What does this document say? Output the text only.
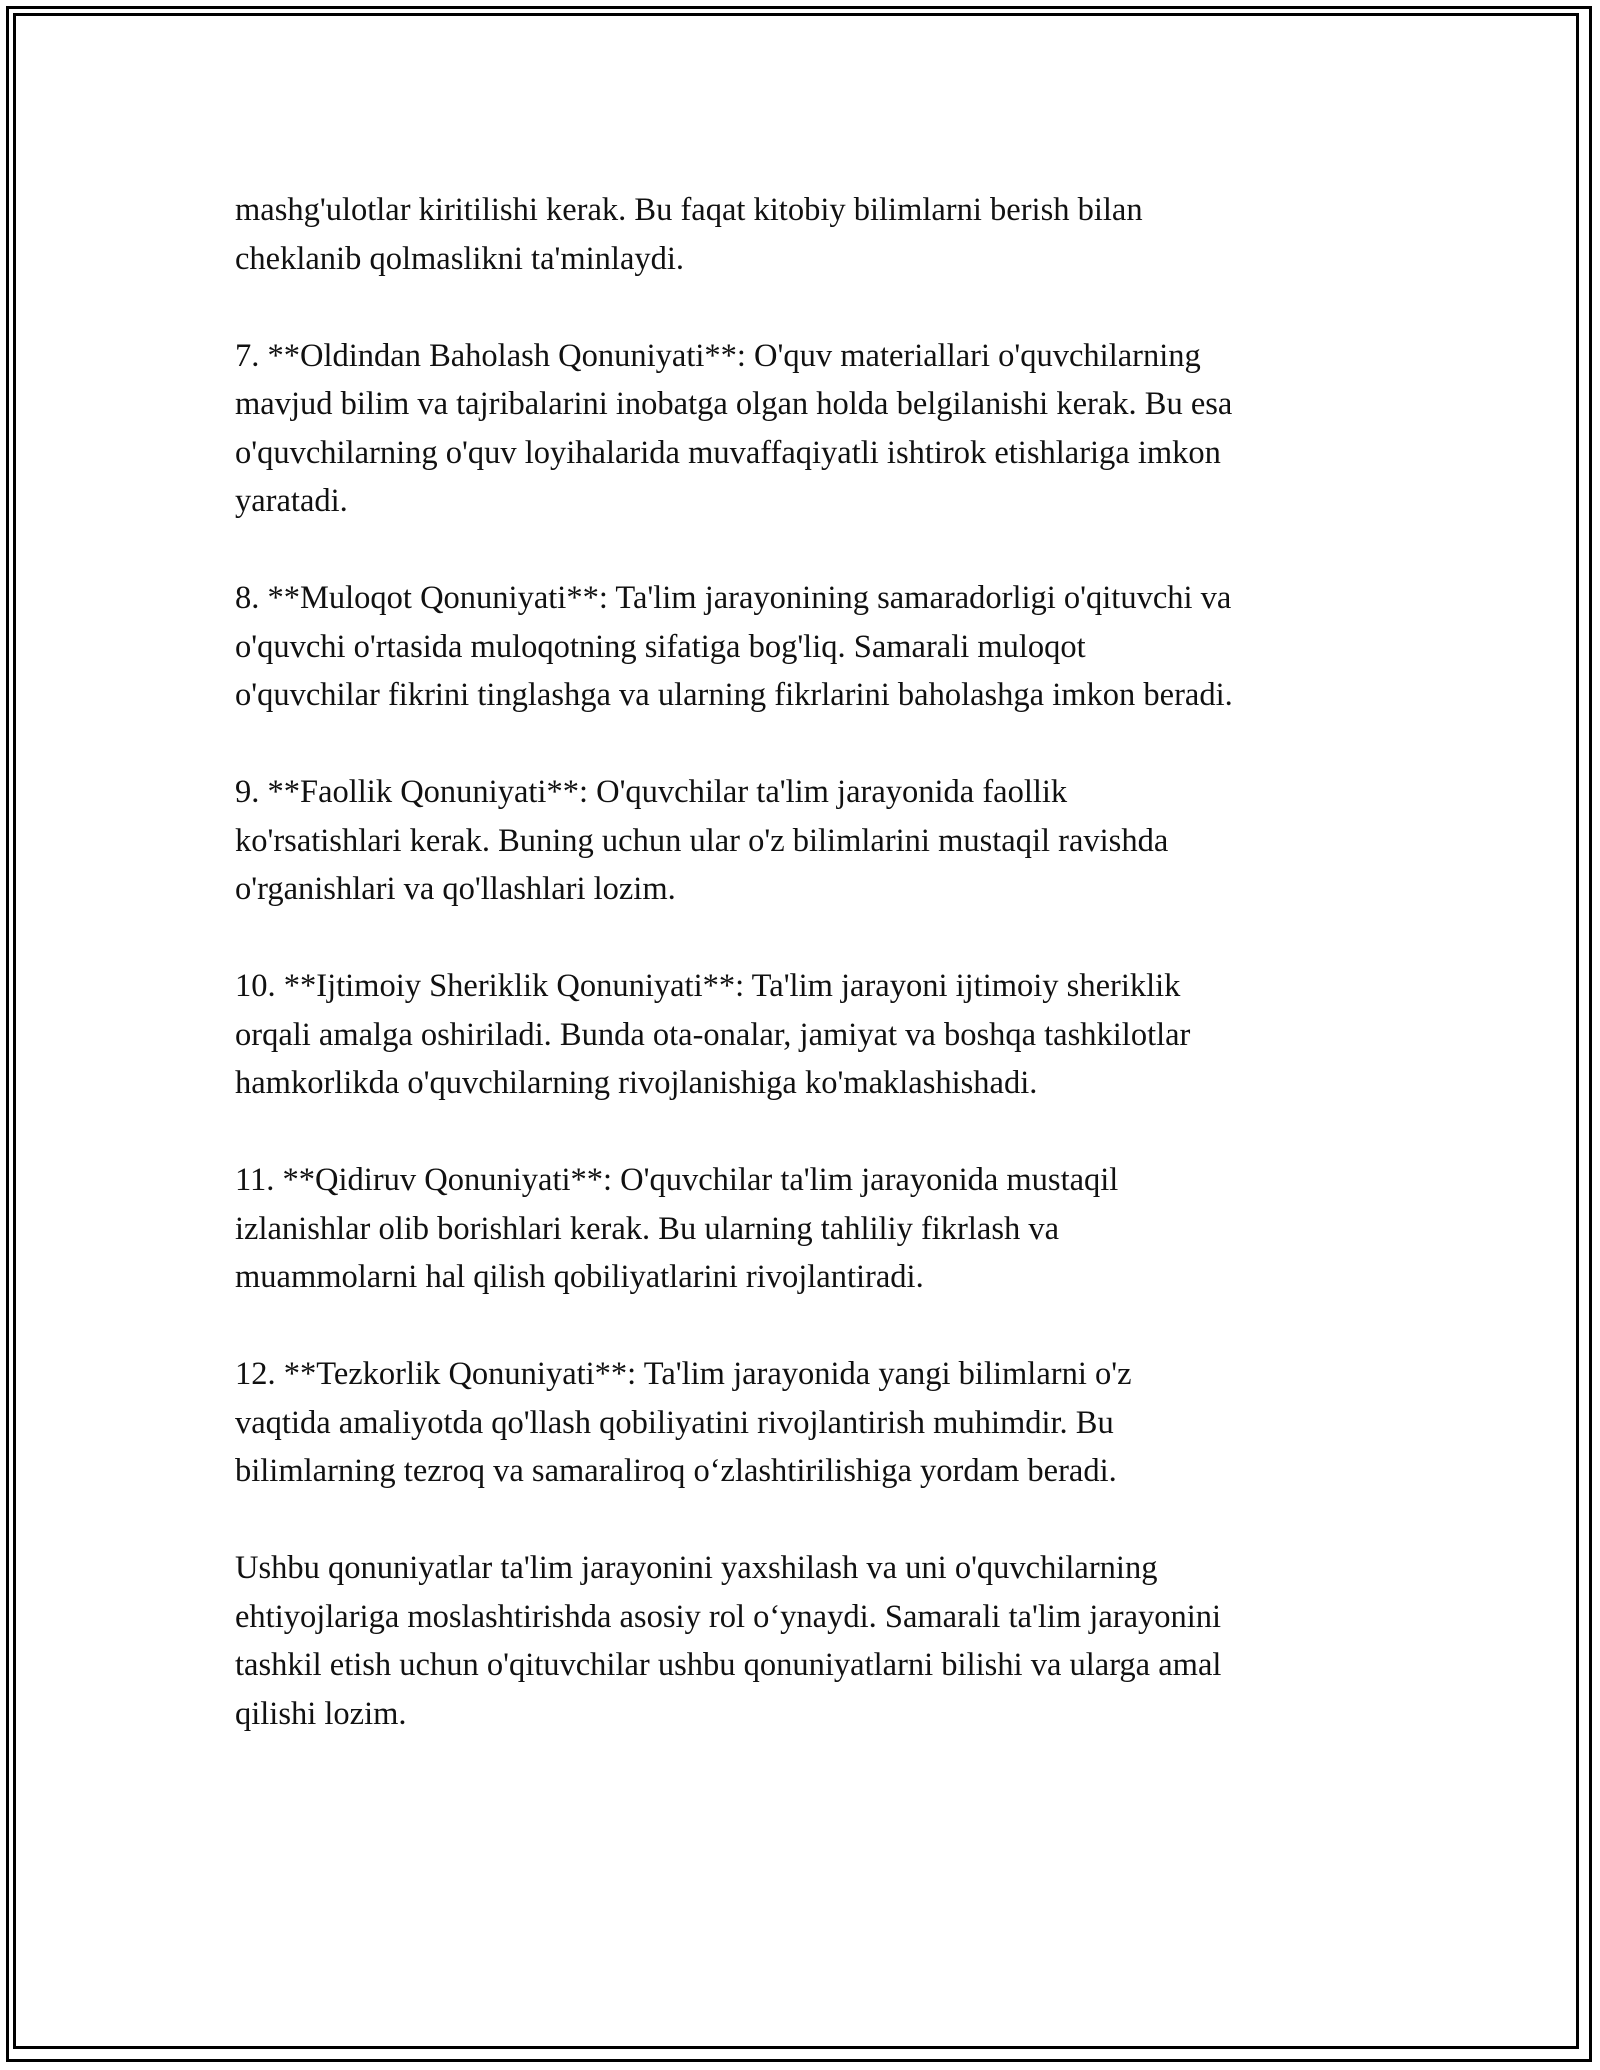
mashg'ulotlar kiritilishi kerak. Bu faqat kitobiy bilimlarni berish bilan
cheklanib qolmaslikni ta'minlaydi.

7. **Oldindan Baholash Qonuniyati**: O'quv materiallari o'quvchilarning
mavjud bilim va tajribalarini inobatga olgan holda belgilanishi kerak. Bu esa
o'quvchilarning o'quv loyihalarida muvaffaqiyatli ishtirok etishlariga imkon
yaratadi.

8. **Muloqot Qonuniyati**: Ta'lim jarayonining samaradorligi o'qituvchi va
o'quvchi o'rtasida muloqotning sifatiga bog'liq. Samarali muloqot
o'quvchilar fikrini tinglashga va ularning fikrlarini baholashga imkon beradi.

9. **Faollik Qonuniyati**: O'quvchilar ta'lim jarayonida faollik
ko'rsatishlari kerak. Buning uchun ular o'z bilimlarini mustaqil ravishda
o'rganishlari va qo'llashlari lozim.

10. **Ijtimoiy Sheriklik Qonuniyati**: Ta'lim jarayoni ijtimoiy sheriklik
orqali amalga oshiriladi. Bunda ota-onalar, jamiyat va boshqa tashkilotlar
hamkorlikda o'quvchilarning rivojlanishiga ko'maklashishadi.

11. **Qidiruv Qonuniyati**: O'quvchilar ta'lim jarayonida mustaqil
izlanishlar olib borishlari kerak. Bu ularning tahliliy fikrlash va
muammolarni hal qilish qobiliyatlarini rivojlantiradi.

12. **Tezkorlik Qonuniyati**: Ta'lim jarayonida yangi bilimlarni o'z
vaqtida amaliyotda qo'llash qobiliyatini rivojlantirish muhimdir. Bu
bilimlarning tezroq va samaraliroq o‘zlashtirilishiga yordam beradi.

Ushbu qonuniyatlar ta'lim jarayonini yaxshilash va uni o'quvchilarning
ehtiyojlariga moslashtirishda asosiy rol o‘ynaydi. Samarali ta'lim jarayonini
tashkil etish uchun o'qituvchilar ushbu qonuniyatlarni bilishi va ularga amal
qilishi lozim.
